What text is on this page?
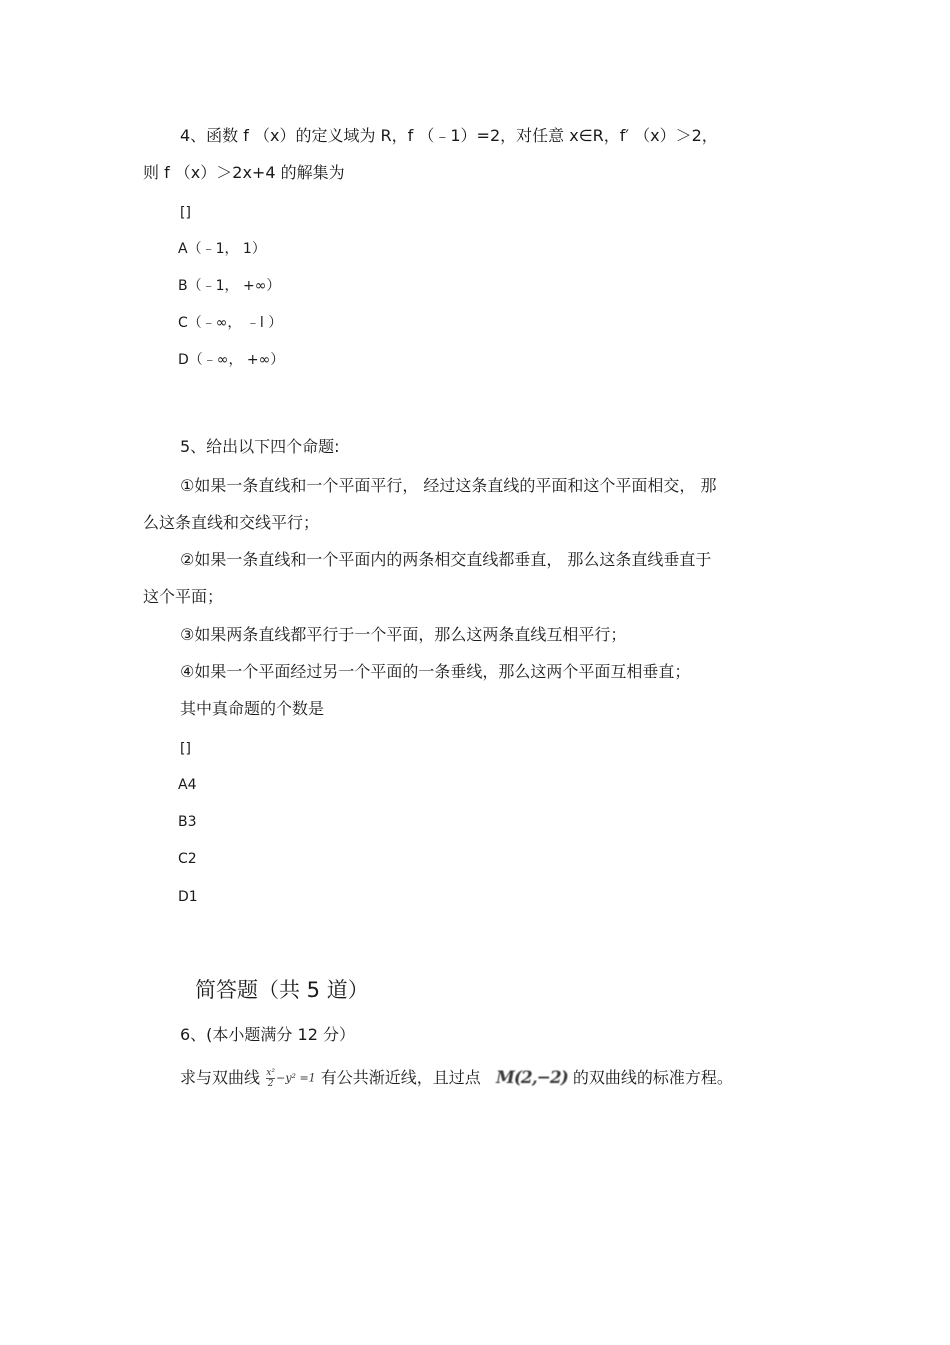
4、函数 f （x）的定义域为 R，f （﹣1）=2，对任意 x∈R，f′ （x）＞2，
则 f （x）＞2x+4 的解集为
[]
A（﹣1， 1）
B（﹣1， +∞）
C（﹣∞， ﹣l ）
D（﹣∞， +∞）
5、给出以下四个命题:
①如果一条直线和一个平面平行， 经过这条直线的平面和这个平面相交， 那
么这条直线和交线平行；
②如果一条直线和一个平面内的两条相交直线都垂直， 那么这条直线垂直于
这个平面；
③如果两条直线都平行于一个平面，那么这两条直线互相平行；
④如果一个平面经过另一个平面的一条垂线，那么这两个平面互相垂直；
其中真命题的个数是
[]
A4
B3
C2
D1
简答题（共 5 道）
6、(本小题满分 12 分）
求与双曲线 $\frac{\text{x²}}{2} -y^2 =1$ 有公共渐近线，且过点 M(2,−2) 的双曲线的标准方程。
